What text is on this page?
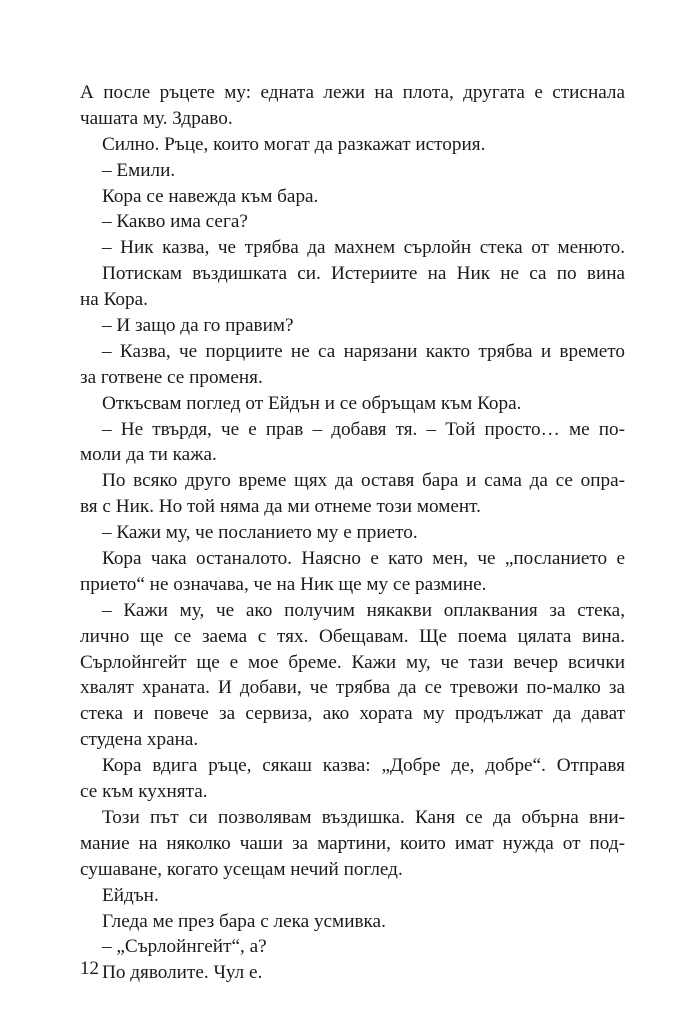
А после ръцете му: едната лежи на плота, другата е стиснала
чашата му. Здраво.
Силно. Ръце, които могат да разкажат история.
– Емили.
Кора се навежда към бара.
– Какво има сега?
– Ник казва, че трябва да махнем сърлойн стека от менюто.
Потискам въздишката си. Истериите на Ник не са по вина
на Кора.
– И защо да го правим?
– Казва, че порциите не са нарязани както трябва и времето
за готвене се променя.
Откъсвам поглед от Ейдън и се обръщам към Кора.
– Не твърдя, че е прав – добавя тя. – Той просто… ме по-
моли да ти кажа.
По всяко друго време щях да оставя бара и сама да се опра-
вя с Ник. Но той няма да ми отнеме този момент.
– Кажи му, че посланието му е прието.
Кора чака останалото. Наясно е като мен, че „посланието е
прието“ не означава, че на Ник ще му се размине.
– Кажи му, че ако получим някакви оплаквания за стека,
лично ще се заема с тях. Обещавам. Ще поема цялата вина.
Сърлойнгейт ще е мое бреме. Кажи му, че тази вечер всички
хвалят храната. И добави, че трябва да се тревожи по-малко за
стека и повече за сервиза, ако хората му продължат да дават
студена храна.
Кора вдига ръце, сякаш казва: „Добре де, добре“. Отправя
се към кухнята.
Този път си позволявам въздишка. Каня се да обърна вни-
мание на няколко чаши за мартини, които имат нужда от под-
сушаване, когато усещам нечий поглед.
Ейдън.
Гледа ме през бара с лека усмивка.
– „Сърлойнгейт“, а?
По дяволите. Чул е.
12
